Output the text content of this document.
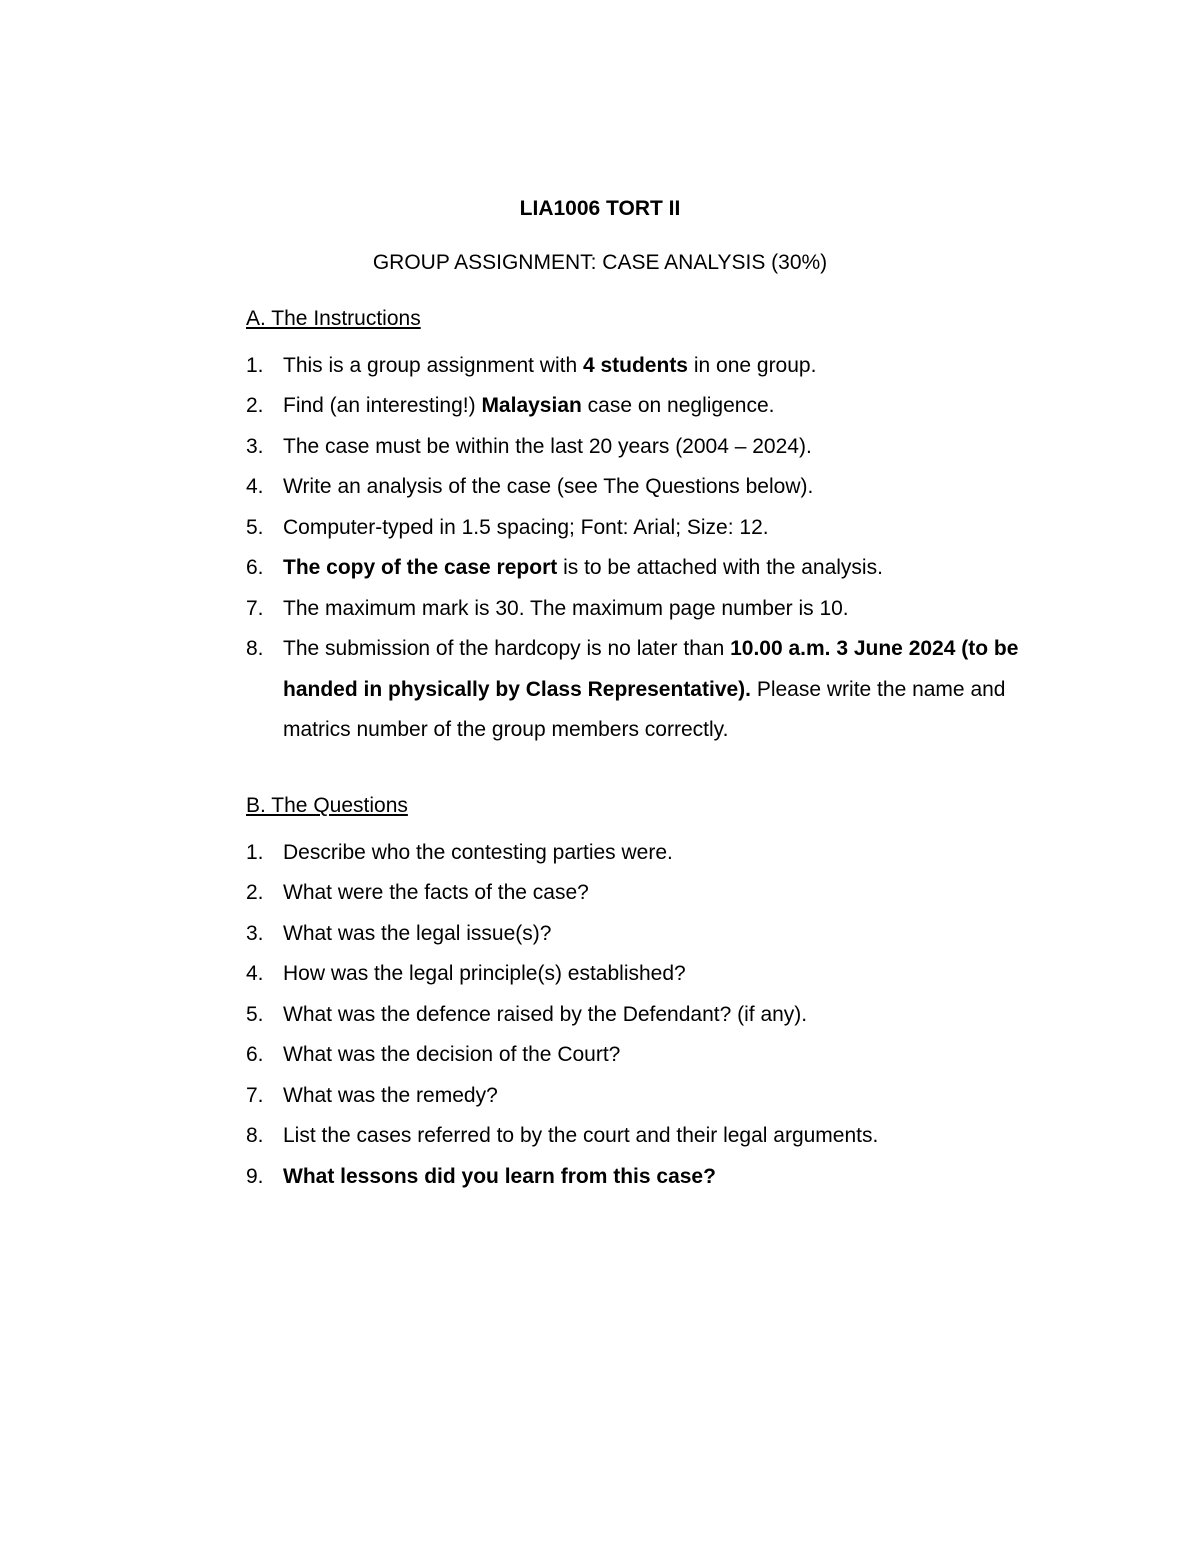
LIA1006 TORT II
GROUP ASSIGNMENT: CASE ANALYSIS (30%)
A. The Instructions
1. This is a group assignment with 4 students in one group.
2. Find (an interesting!) Malaysian case on negligence.
3. The case must be within the last 20 years (2004 – 2024).
4. Write an analysis of the case (see The Questions below).
5. Computer-typed in 1.5 spacing; Font: Arial; Size: 12.
6. The copy of the case report is to be attached with the analysis.
7. The maximum mark is 30. The maximum page number is 10.
8. The submission of the hardcopy is no later than 10.00 a.m. 3 June 2024 (to be handed in physically by Class Representative). Please write the name and matrics number of the group members correctly.
B. The Questions
1. Describe who the contesting parties were.
2. What were the facts of the case?
3. What was the legal issue(s)?
4. How was the legal principle(s) established?
5. What was the defence raised by the Defendant? (if any).
6. What was the decision of the Court?
7. What was the remedy?
8. List the cases referred to by the court and their legal arguments.
9. What lessons did you learn from this case?
